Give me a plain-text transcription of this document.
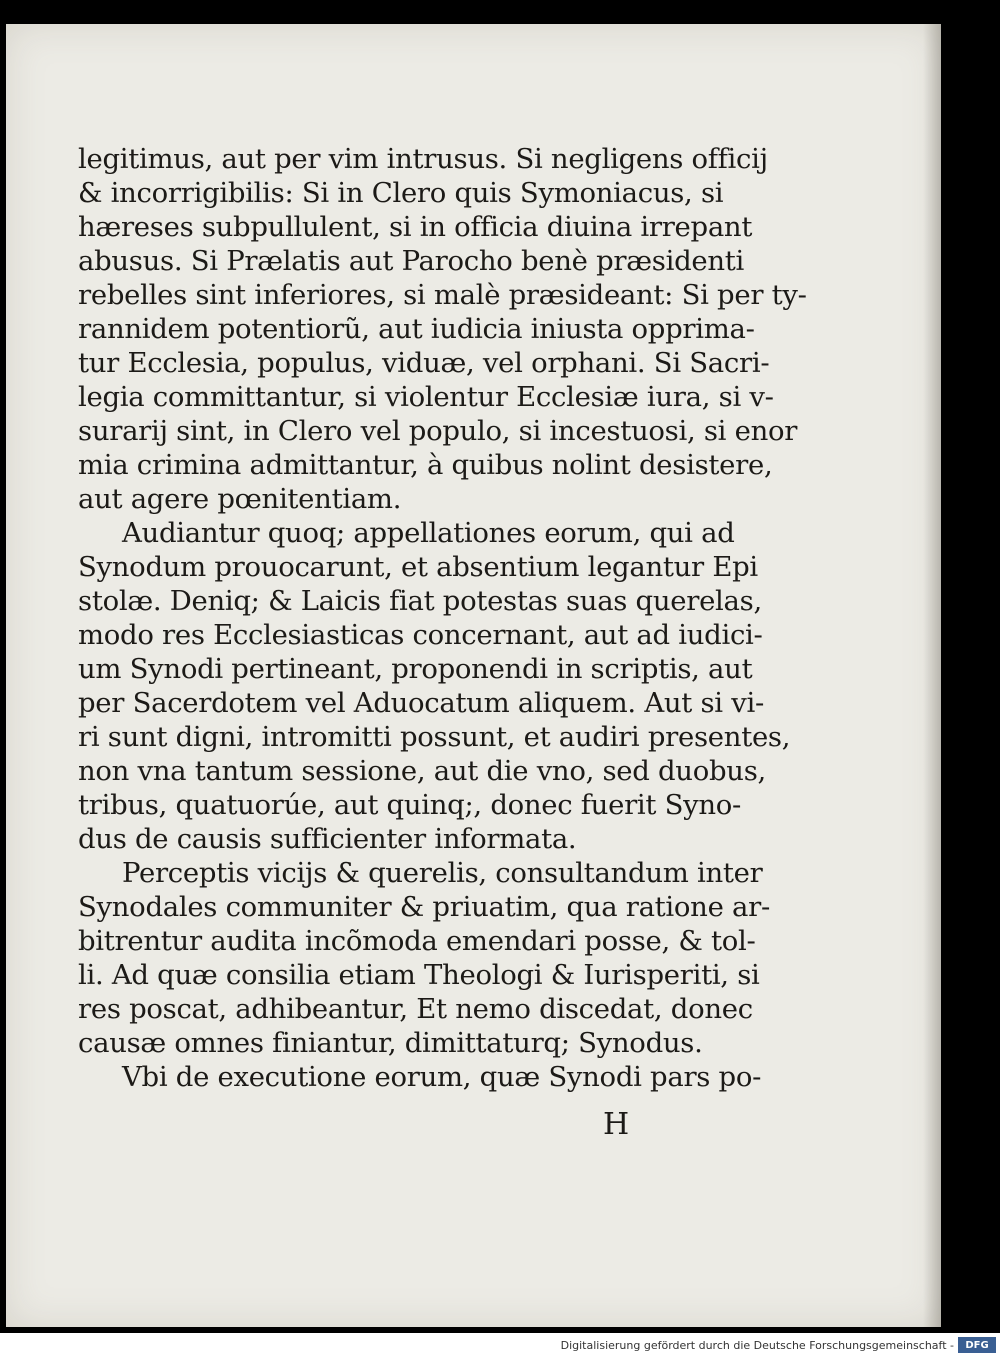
legitimus, aut per vim intrusus. Si negligens officij
& incorrigibilis: Si in Clero quis Symoniacus, si
hæreses subpullulent, si in officia diuina irrepant
abusus. Si Prælatis aut Parocho benè præsidenti
rebelles sint inferiores, si malè præsideant: Si per ty-
rannidem potentiorũ, aut iudicia iniusta opprima-
tur Ecclesia, populus, viduæ, vel orphani. Si Sacri-
legia committantur, si violentur Ecclesiæ iura, si v-
surarij sint, in Clero vel populo, si incestuosi, si enor
mia crimina admittantur, à quibus nolint desistere,
aut agere pœnitentiam.
Audiantur quoq; appellationes eorum, qui ad
Synodum prouocarunt, et absentium legantur Epi
stolæ. Deniq; & Laicis fiat potestas suas querelas,
modo res Ecclesiasticas concernant, aut ad iudici-
um Synodi pertineant, proponendi in scriptis, aut
per Sacerdotem vel Aduocatum aliquem. Aut si vi-
ri sunt digni, intromitti possunt, et audiri presentes,
non vna tantum sessione, aut die vno, sed duobus,
tribus, quatuorúe, aut quinq;, donec fuerit Syno-
dus de causis sufficienter informata.
Perceptis vicijs & querelis, consultandum inter
Synodales communiter & priuatim, qua ratione ar-
bitrentur audita incõmoda emendari posse, & tol-
li. Ad quæ consilia etiam Theologi & Iurisperiti, si
res poscat, adhibeantur, Et nemo discedat, donec
causæ omnes finiantur, dimittaturq; Synodus.
Vbi de executione eorum, quæ Synodi pars po-
H
Digitalisierung gefördert durch die Deutsche Forschungsgemeinschaft -	DFG
